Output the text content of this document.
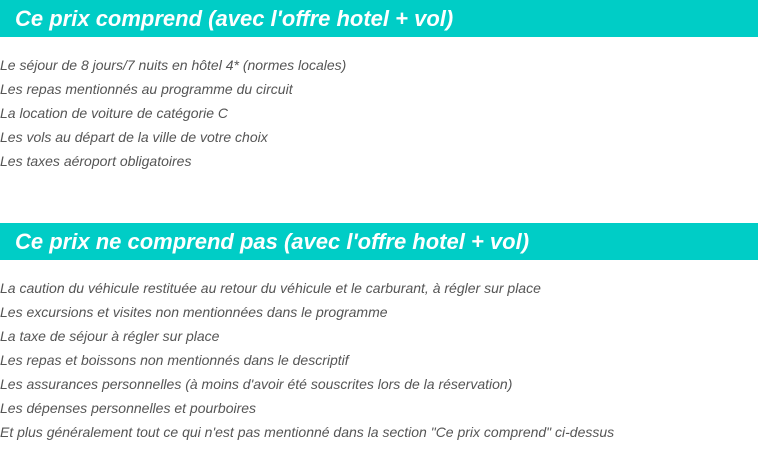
Ce prix comprend (avec l'offre hotel + vol)
Le séjour de 8 jours/7 nuits en hôtel 4* (normes locales)
Les repas mentionnés au programme du circuit
La location de voiture de catégorie C
Les vols au départ de la ville de votre choix
Les taxes aéroport obligatoires
Ce prix ne comprend pas (avec l'offre hotel + vol)
La caution du véhicule restituée au retour du véhicule et le carburant, à régler sur place
Les excursions et visites non mentionnées dans le programme
La taxe de séjour à régler sur place
Les repas et boissons non mentionnés dans le descriptif
Les assurances personnelles (à moins d'avoir été souscrites lors de la réservation)
Les dépenses personnelles et pourboires
Et plus généralement tout ce qui n'est pas mentionné dans la section "Ce prix comprend" ci-dessus
